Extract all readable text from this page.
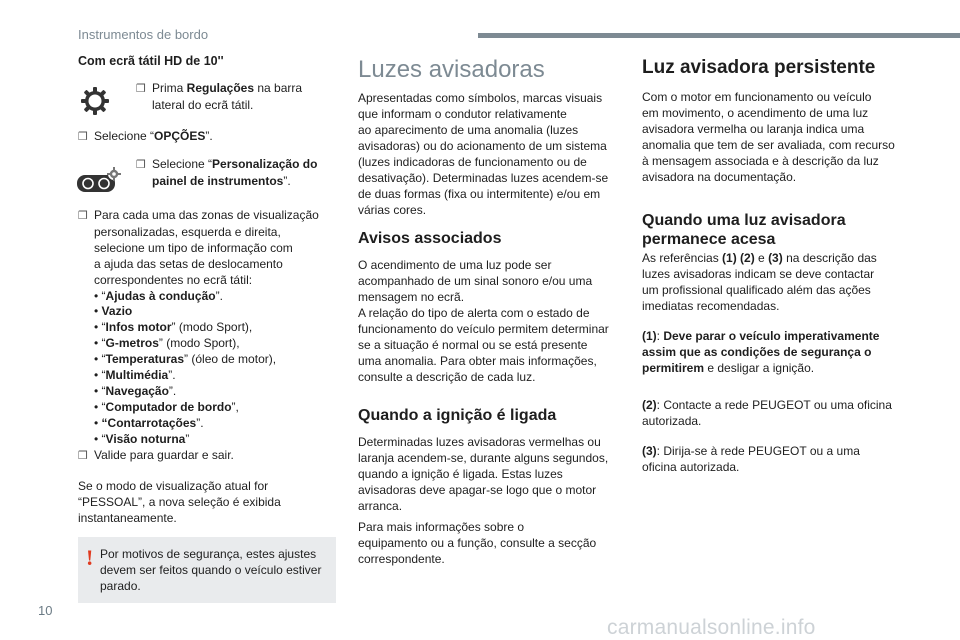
Instrumentos de bordo
Com ecrã tátil HD de 10''
❒ Prima Regulações na barra
lateral do ecrã tátil.
❒ Selecione “OPÇÕES”.
❒ Selecione “Personalização do
painel de instrumentos”.
❒ Para cada uma das zonas de visualização
personalizadas, esquerda e direita,
selecione um tipo de informação com
a ajuda das setas de deslocamento
correspondentes no ecrã tátil:
• “Ajudas à condução”.
• Vazio
• “Infos motor” (modo Sport),
• “G-metros” (modo Sport),
• “Temperaturas” (óleo de motor),
• “Multimédia”.
• “Navegação”.
• “Computador de bordo”,
• “Contarrotações”.
• “Visão noturna”
❒ Valide para guardar e sair.
Se o modo de visualização atual for
“PESSOAL”, a nova seleção é exibida
instantaneamente.
! Por motivos de segurança, estes ajustes
devem ser feitos quando o veículo estiver
parado.
Luzes avisadoras
Apresentadas como símbolos, marcas visuais
que informam o condutor relativamente
ao aparecimento de uma anomalia (luzes
avisadoras) ou do acionamento de um sistema
(luzes indicadoras de funcionamento ou de
desativação). Determinadas luzes acendem-se
de duas formas (fixa ou intermitente) e/ou em
várias cores.
Avisos associados
O acendimento de uma luz pode ser
acompanhado de um sinal sonoro e/ou uma
mensagem no ecrã.
A relação do tipo de alerta com o estado de
funcionamento do veículo permitem determinar
se a situação é normal ou se está presente
uma anomalia. Para obter mais informações,
consulte a descrição de cada luz.
Quando a ignição é ligada
Determinadas luzes avisadoras vermelhas ou
laranja acendem-se, durante alguns segundos,
quando a ignição é ligada. Estas luzes
avisadoras deve apagar-se logo que o motor
arranca.
Para mais informações sobre o
equipamento ou a função, consulte a secção
correspondente.
Luz avisadora persistente
Com o motor em funcionamento ou veículo
em movimento, o acendimento de uma luz
avisadora vermelha ou laranja indica uma
anomalia que tem de ser avaliada, com recurso
à mensagem associada e à descrição da luz
avisadora na documentação.
Quando uma luz avisadora
permanece acesa
As referências (1) (2) e (3) na descrição das
luzes avisadoras indicam se deve contactar
um profissional qualificado além das ações
imediatas recomendadas.
(1): Deve parar o veículo imperativamente
assim que as condições de segurança o
permitirem e desligar a ignição.
(2): Contacte a rede PEUGEOT ou uma oficina
autorizada.
(3): Dirija-se à rede PEUGEOT ou a uma
oficina autorizada.
10
carmanualsonline.info
